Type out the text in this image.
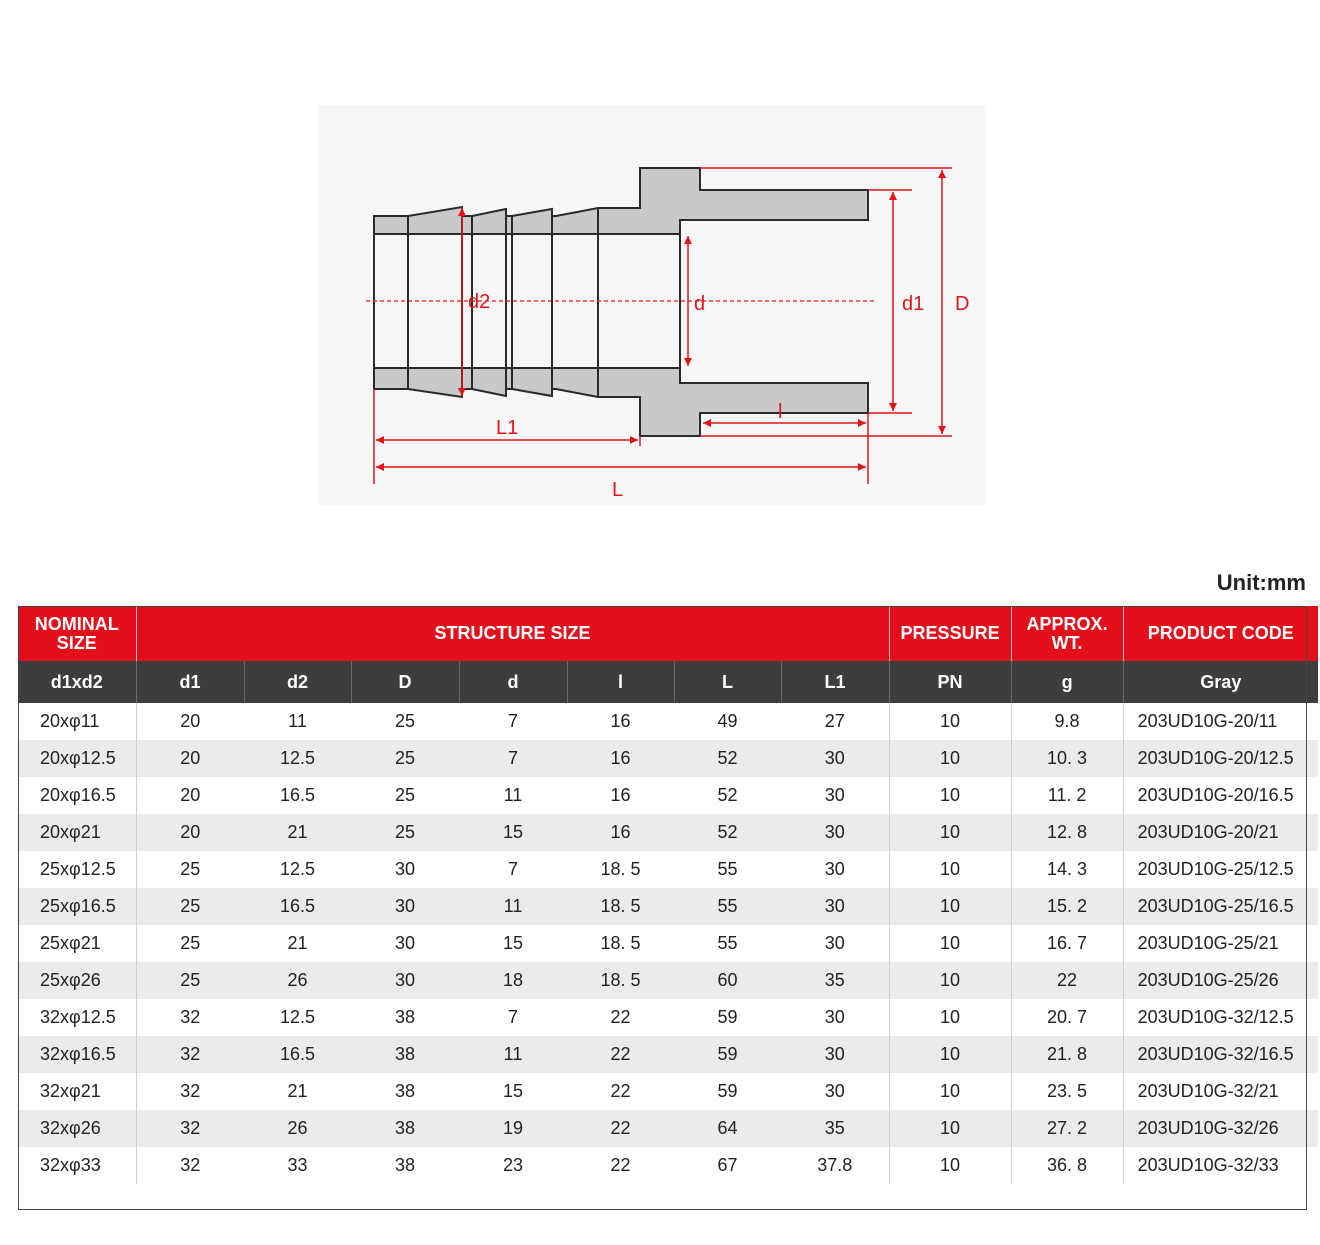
d2	d	d1 D
l
L1
L
Unit:mm
NOMINAL SIZE	STRUCTURE SIZE							PRESSURE	APPROX. WT.	PRODUCT CODE
d1xd2	d1	d2	D	d	l	L	L1	PN	g	Gray
20xφ11	20	11	25	7	16	49	27	10	9.8	203UD10G-20/11
20xφ12.5	20	12.5	25	7	16	52	30	10	10. 3	203UD10G-20/12.5
20xφ16.5	20	16.5	25	11	16	52	30	10	11. 2	203UD10G-20/16.5
20xφ21	20	21	25	15	16	52	30	10	12. 8	203UD10G-20/21
25xφ12.5	25	12.5	30	7	18. 5	55	30	10	14. 3	203UD10G-25/12.5
25xφ16.5	25	16.5	30	11	18. 5	55	30	10	15. 2	203UD10G-25/16.5
25xφ21	25	21	30	15	18. 5	55	30	10	16. 7	203UD10G-25/21
25xφ26	25	26	30	18	18. 5	60	35	10	22	203UD10G-25/26
32xφ12.5	32	12.5	38	7	22	59	30	10	20. 7	203UD10G-32/12.5
32xφ16.5	32	16.5	38	11	22	59	30	10	21. 8	203UD10G-32/16.5
32xφ21	32	21	38	15	22	59	30	10	23. 5	203UD10G-32/21
32xφ26	32	26	38	19	22	64	35	10	27. 2	203UD10G-32/26
32xφ33	32	33	38	23	22	67	37.8	10	36. 8	203UD10G-32/33
